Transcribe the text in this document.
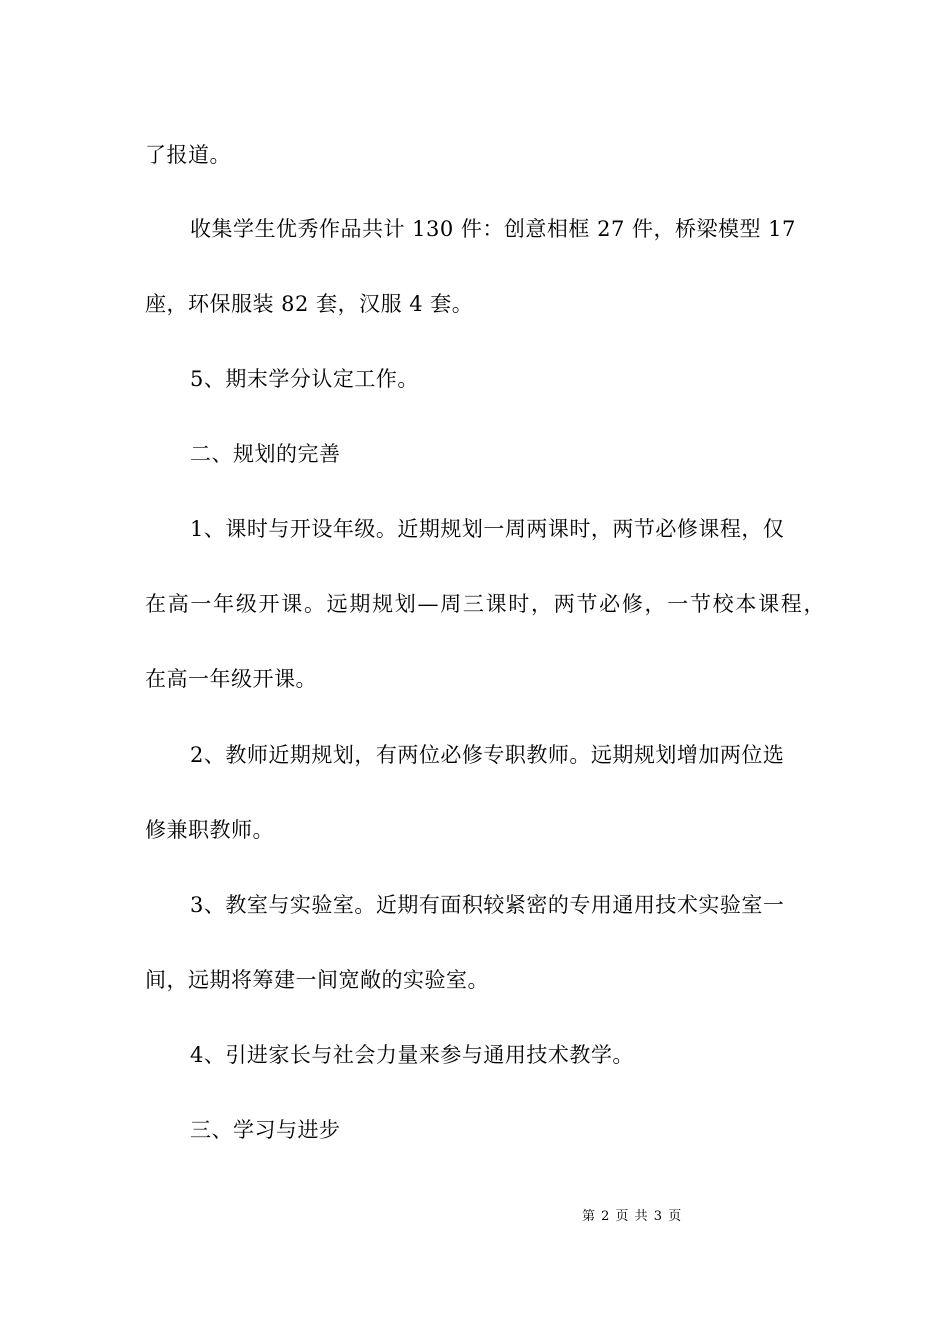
了报道。
收集学生优秀作品共计 130 件：创意相框 27 件，桥梁模型 17
座，环保服装 82 套，汉服 4 套。
5、期末学分认定工作。
二、规划的完善
1、课时与开设年级。近期规划一周两课时，两节必修课程，仅
在高一年级开课。远期规划—周三课时，两节必修，一节校本课程，
在高一年级开课。
2、教师近期规划，有两位必修专职教师。远期规划增加两位选
修兼职教师。
3、教室与实验室。近期有面积较紧密的专用通用技术实验室一
间，远期将筹建一间宽敞的实验室。
4、引进家长与社会力量来参与通用技术教学。
三、学习与进步
第 2 页 共 3 页
